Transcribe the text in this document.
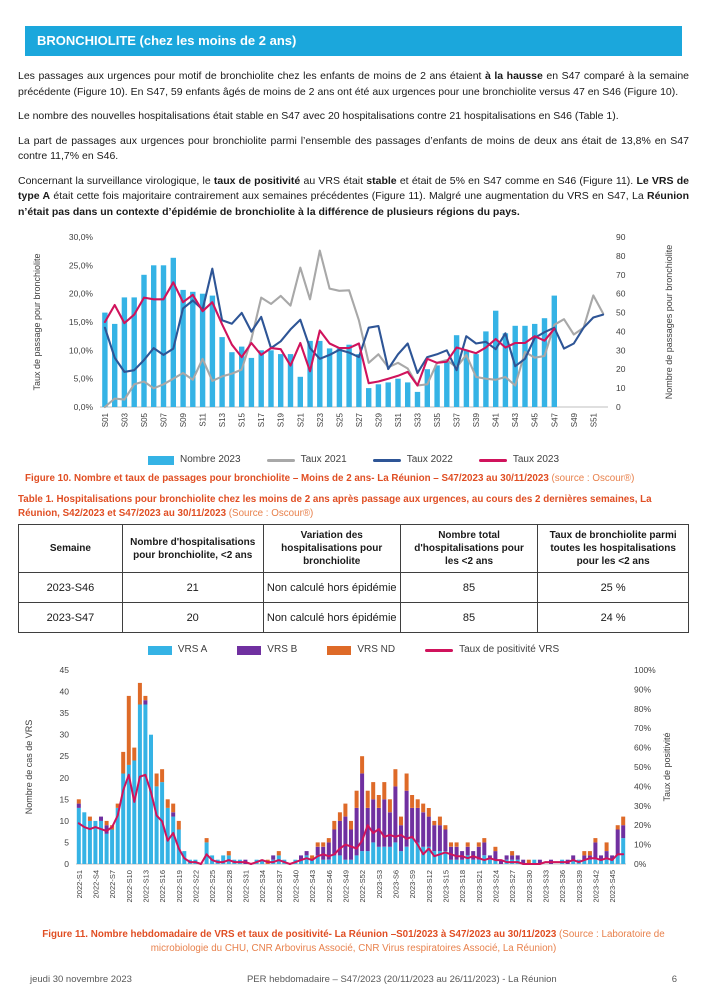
BRONCHIOLITE (chez les moins de 2 ans)

Les passages aux urgences pour motif de bronchiolite chez les enfants de moins de 2 ans étaient à la hausse en S47 comparé à la semaine précédente (Figure 10). En S47, 59 enfants âgés de moins de 2 ans ont été aux urgences pour une bronchiolite versus 47 en S46 (Figure 10).

Le nombre des nouvelles hospitalisations était stable en S47 avec 20 hospitalisations contre 21 hospitalisations en S46 (Table 1).

La part de passages aux urgences pour bronchiolite parmi l’ensemble des passages d’enfants de moins de deux ans était de 13,8% en S47 contre 11,7% en S46.

Concernant la surveillance virologique, le taux de positivité au VRS était stable et était de 5% en S47 comme en S46 (Figure 11). Le VRS de type A était cette fois majoritaire contrairement aux semaines précédentes (Figure 11). Malgré une augmentation du VRS en S47, La Réunion n’était pas dans un contexte d’épidémie de bronchiolite à la différence de plusieurs régions du pays.

0,0%
5,0%
10,0%
15,0%
20,0%
25,0%
30,0%
0
10
20
30
40
50
60
70
80
90
S01 S03 S05 S07 S09 S11 S13 S15 S17 S19 S21 S23 S25 S27 S29 S31 S33 S35 S37 S39 S41 S43 S45 S47 S49 S51
Taux de passage pour bronchiolite	Nombre de passages pour bronchiolite
Nombre 2023	Taux 2021	Taux 2022	Taux 2023

Figure 10. Nombre et taux de passages pour bronchiolite – Moins de 2 ans- La Réunion – S47/2023 au 30/11/2023 (source : Oscour®)

Table 1. Hospitalisations pour bronchiolite chez les moins de 2 ans après passage aux urgences, au cours des 2 dernières semaines, La Réunion, S42/2023 et S47/2023 au 30/11/2023 (Source : Oscour®)

Semaine	Nombre d'hospitalisations pour bronchiolite, <2 ans	Variation des hospitalisations pour bronchiolite	Nombre total d'hospitalisations pour les <2 ans	Taux de bronchiolite parmi toutes les hospitalisations pour les <2 ans
2023-S46	21	Non calculé hors épidémie	85	25 %
2023-S47	20	Non calculé hors épidémie	85	24 %
VRS A	VRS B	VRS ND	Taux de positivité VRS
0
5
10
15
20
25
30
35
40
45
0%
10%
20%
30%
40%
50%
60%
70%
80%
90%
100%
2022-S1 2022-S4 2022-S7 2022-S10 2022-S13 2022-S16 2022-S19 2022-S22 2022-S25 2022-S28 2022-S31 2022-S34 2022-S37 2022-S40 2022-S43 2022-S46 2022-S49 2022-S52 2023-S3 2023-S6 2023-S9 2023-S12 2023-S15 2023-S18 2023-S21 2023-S24 2023-S27 2023-S30 2023-S33 2023-S36 2023-S39 2023-S42 2023-S45
Nombre de cas de VRS	Taux de positivité

Figure 11. Nombre hebdomadaire de VRS et taux de positivité- La Réunion –S01/2023 à S47/2023 au 30/11/2023 (Source : Laboratoire de microbiologie du CHU, CNR Arbovirus Associé, CNR Virus respiratoires Associé, La Réunion)

jeudi 30 novembre 2023	PER hebdomadaire – S47/2023 (20/11/2023 au 26/11/2023) - La Réunion	6
